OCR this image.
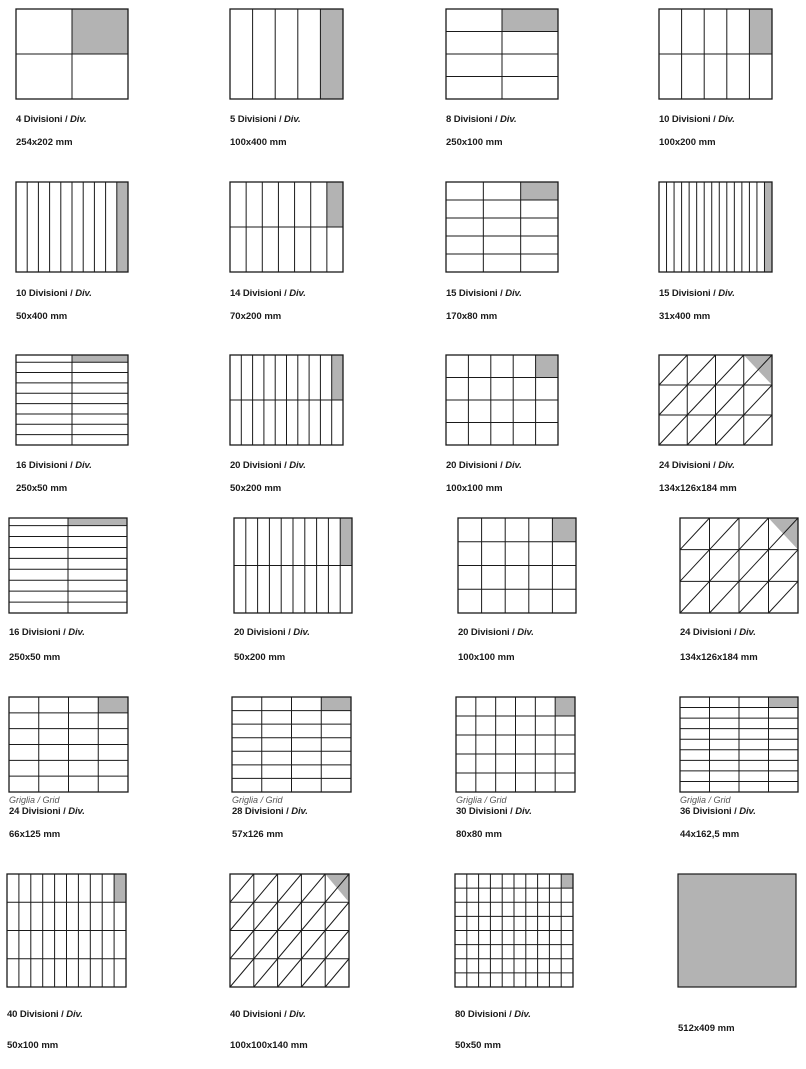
4 Divisioni / Div.
254x202 mm
5 Divisioni / Div.
100x400 mm
8 Divisioni / Div.
250x100 mm
10 Divisioni / Div.
100x200 mm
10 Divisioni / Div.
50x400 mm
14 Divisioni / Div.
70x200 mm
15 Divisioni / Div.
170x80 mm
15 Divisioni / Div.
31x400 mm
16 Divisioni / Div.
250x50 mm
20 Divisioni / Div.
50x200 mm
20 Divisioni / Div.
100x100 mm
24 Divisioni / Div.
134x126x184 mm
16 Divisioni / Div.
250x50 mm
20 Divisioni / Div.
50x200 mm
20 Divisioni / Div.
100x100 mm
24 Divisioni / Div.
134x126x184 mm
Griglia / Grid
24 Divisioni / Div.
66x125 mm
Griglia / Grid
28 Divisioni / Div.
57x126 mm
Griglia / Grid
30 Divisioni / Div.
80x80 mm
Griglia / Grid
36 Divisioni / Div.
44x162,5 mm
40 Divisioni / Div.
50x100 mm
40 Divisioni / Div.
100x100x140 mm
80 Divisioni / Div.
50x50 mm
512x409 mm
